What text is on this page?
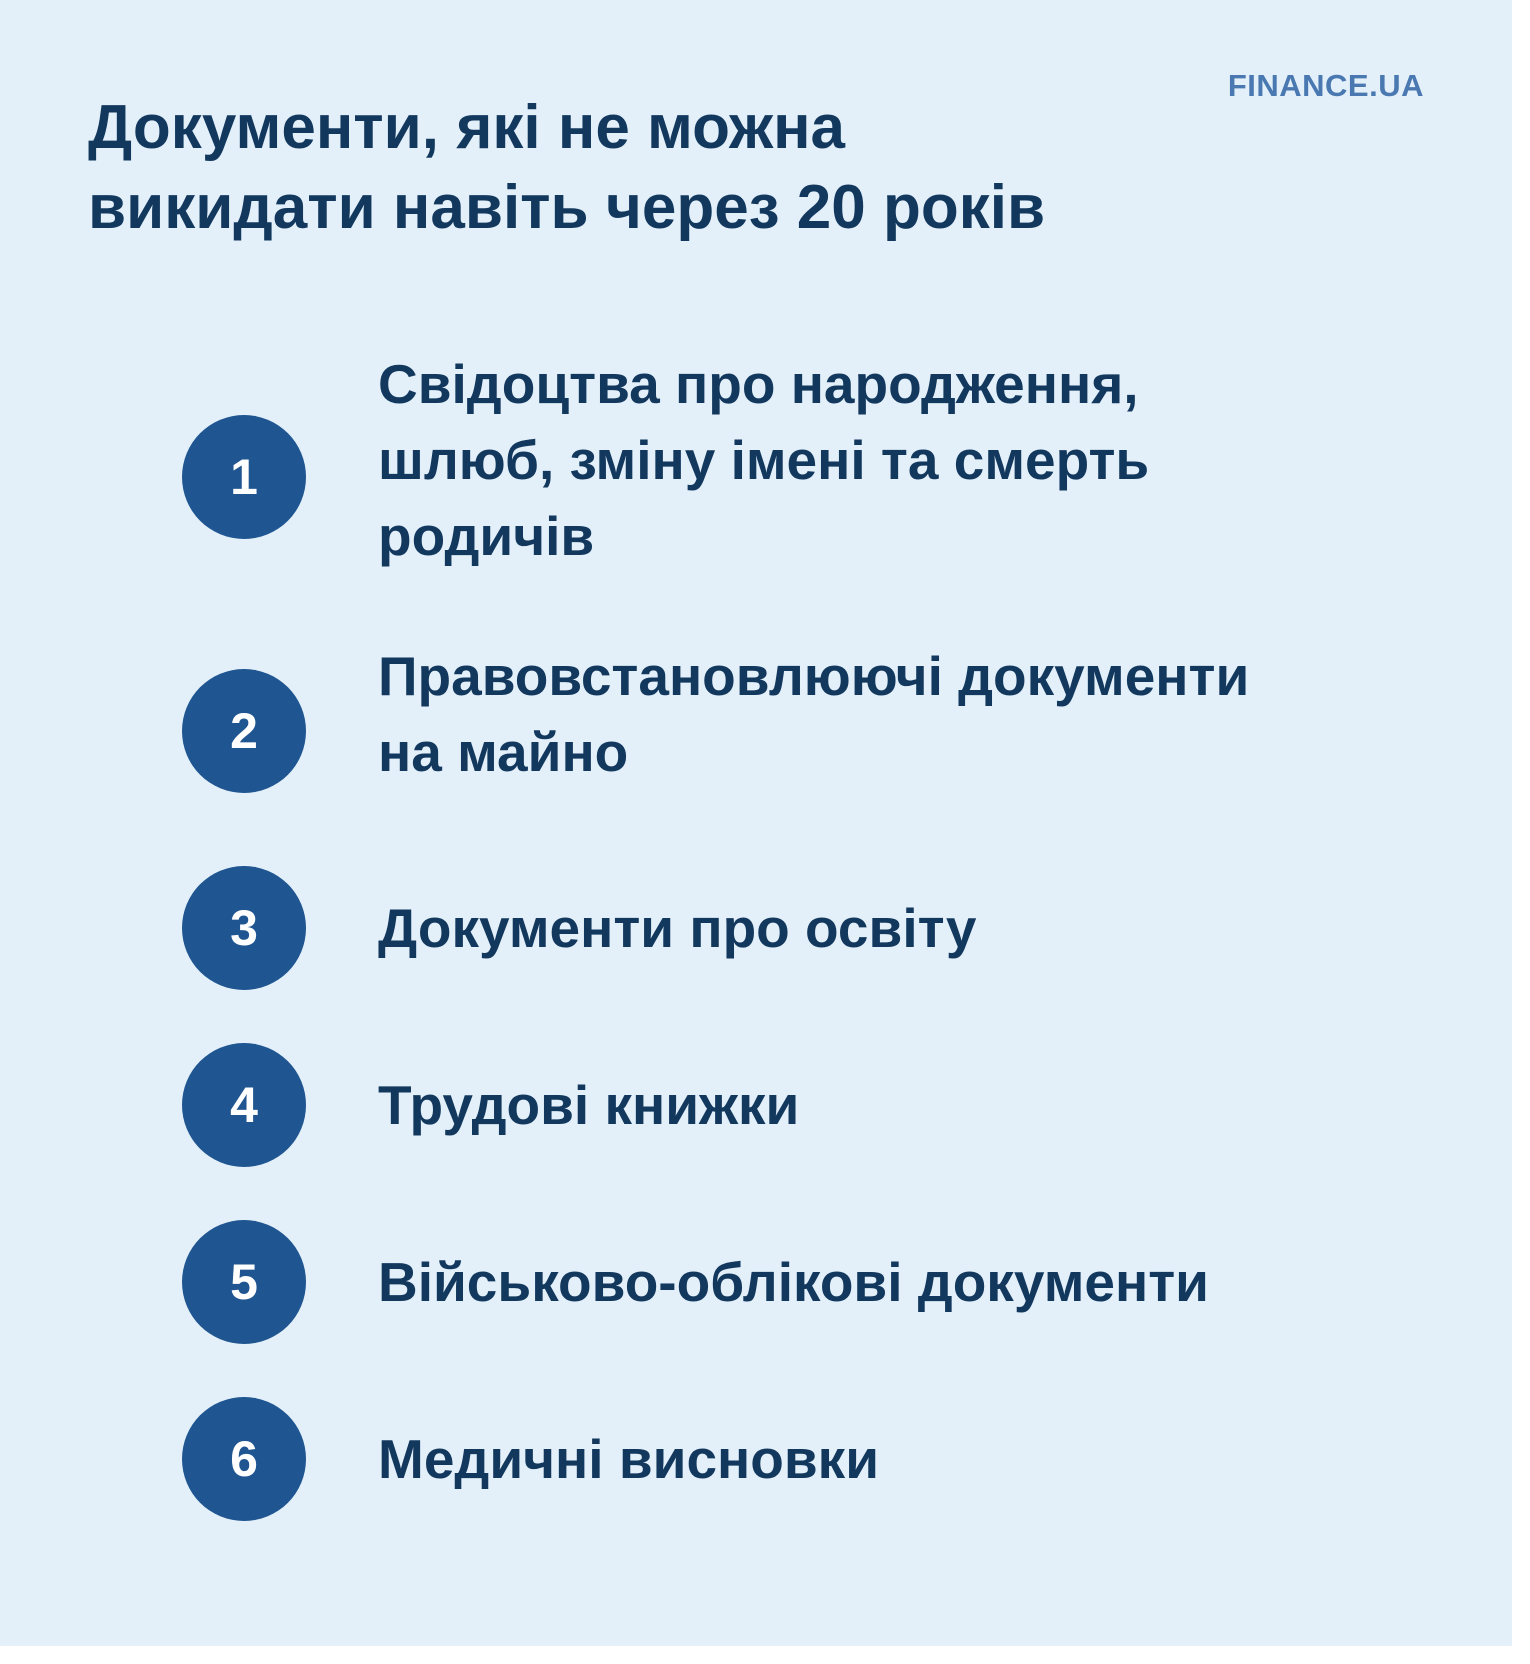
FINANCE.UA
Документи, які не можна
викидати навіть через 20 років
1

Свідоцтва про народження,
шлюб, зміну імені та смерть
родичів

2

Правовстановлюючі документи
на майно

3 Документи про освіту

4 Трудові книжки

5 Військово-облікові документи

6 Медичні висновки
